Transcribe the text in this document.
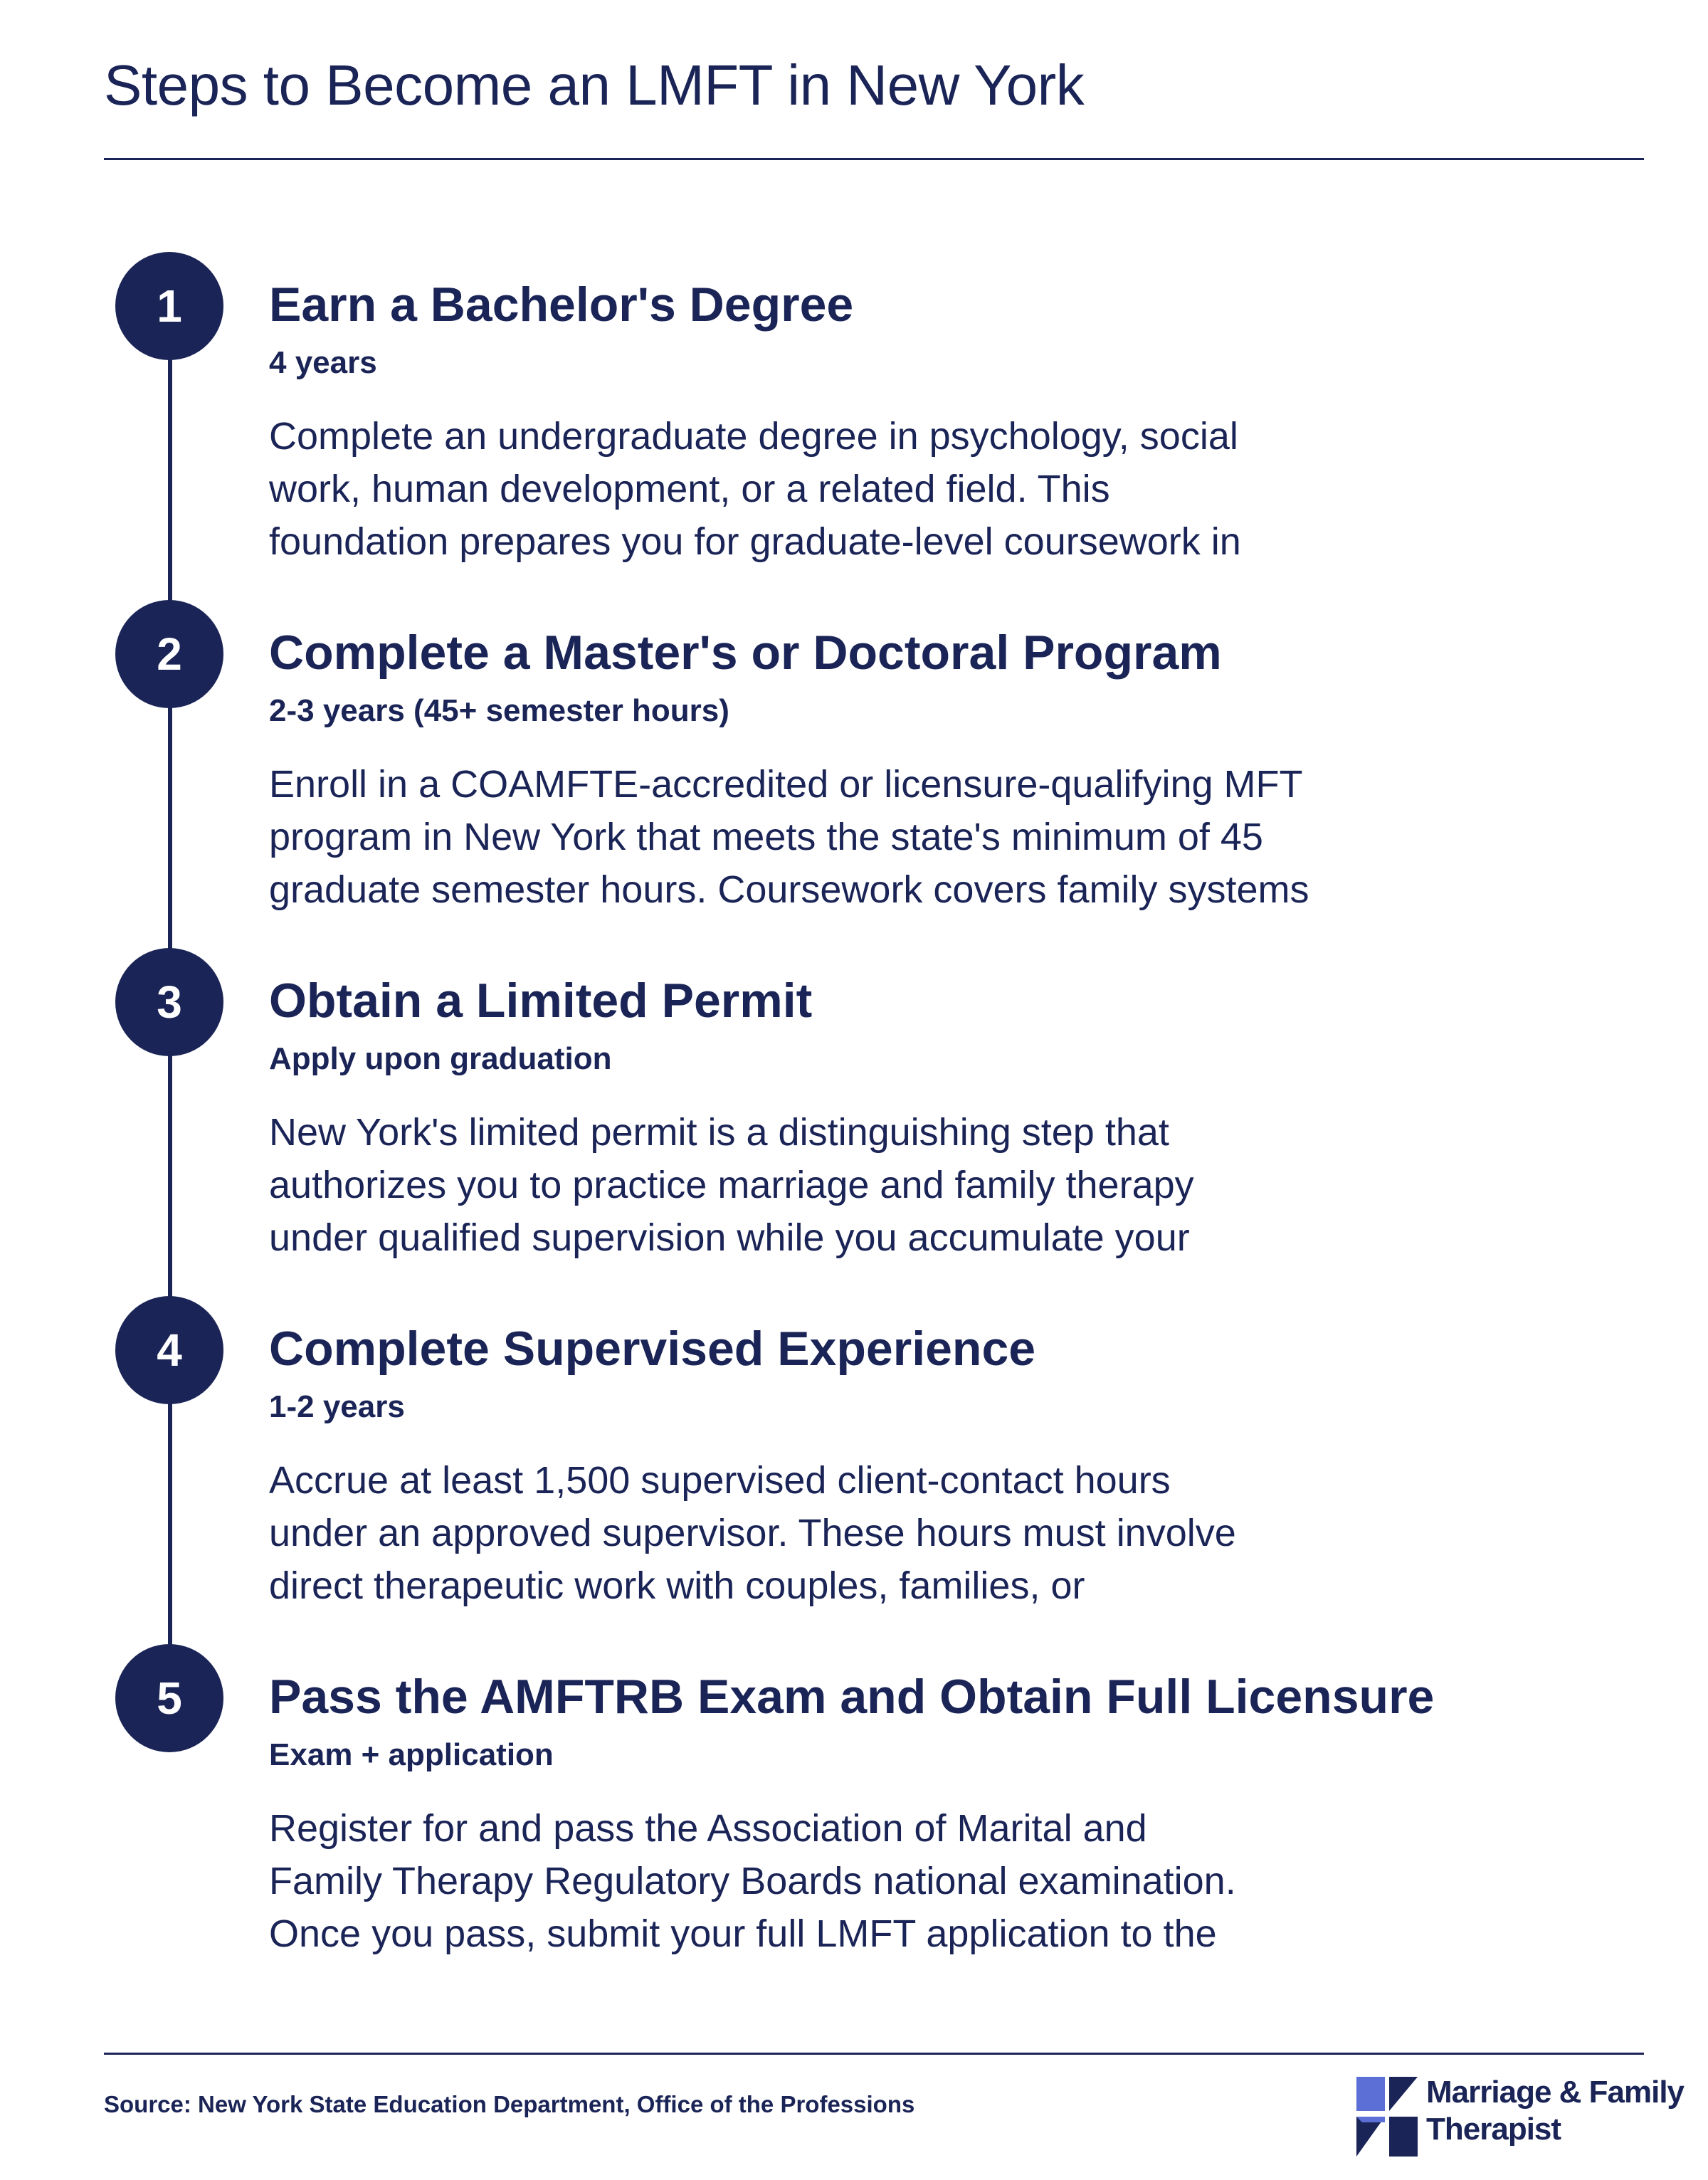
Steps to Become an LMFT in New York
1	Earn a Bachelor's Degree
4 years

Complete an undergraduate degree in psychology, social
work, human development, or a related field. This
foundation prepares you for graduate-level coursework in

2	Complete a Master's or Doctoral Program
2-3 years (45+ semester hours)

Enroll in a COAMFTE-accredited or licensure-qualifying MFT
program in New York that meets the state's minimum of 45
graduate semester hours. Coursework covers family systems

3	Obtain a Limited Permit
Apply upon graduation

New York's limited permit is a distinguishing step that
authorizes you to practice marriage and family therapy
under qualified supervision while you accumulate your

4	Complete Supervised Experience
1-2 years

Accrue at least 1,500 supervised client-contact hours
under an approved supervisor. These hours must involve
direct therapeutic work with couples, families, or

5	Pass the AMFTRB Exam and Obtain Full Licensure
Exam + application

Register for and pass the Association of Marital and
Family Therapy Regulatory Boards national examination.
Once you pass, submit your full LMFT application to the

Source: New York State Education Department, Office of the Professions	Marriage & Family
Therapist
